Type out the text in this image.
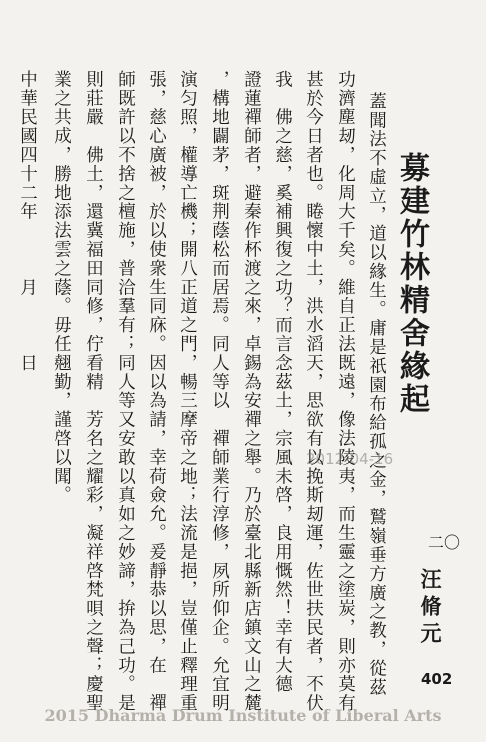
募建竹林精舍緣起
二〇
汪脩元
蓋聞法不虛立，道以緣生。庸是祇園布給孤之金，鷲嶺垂方廣之教，從茲
功濟塵刼，化周大千矣。維自正法既遠，像法陵夷，而生靈之塗炭，則亦莫有
甚於今日者也。睠懷中土，洪水滔天，思欲有以挽斯刼運，佐世扶民者，不伏
我　佛之慈，奚補興復之功？而言念茲土，宗風未啓，良用慨然！幸有大德
證蓮禪師者，避秦作杯渡之來，卓錫為安禪之舉。乃於臺北縣新店鎮文山之麓
，構地闢茅，斑荆蔭松而居焉。同人等以　禪師業行淳修，夙所仰企。允宜明
演匀照，權導亡機；開八正道之門，暢三摩帝之地；法流是挹，豈僅止釋理重
張，慈心廣被，於以使衆生同庥。因以為請，幸荷僉允。爰靜恭以思，在　禪
師既許以不捨之檀施，普洽羣有；同人等又安敢以真如之妙諦，拚為己功。是
則莊嚴　佛土，還冀福田同修，佇看精　芳名之耀彩，凝祥啓梵唄之聲；慶聖
業之共成，勝地添法雲之蔭。毋任翹勤，謹啓以聞。
中華民國四十二年　　　月　　　日
2012-04-16
402
2015 Dharma Drum Institute of Liberal Arts
